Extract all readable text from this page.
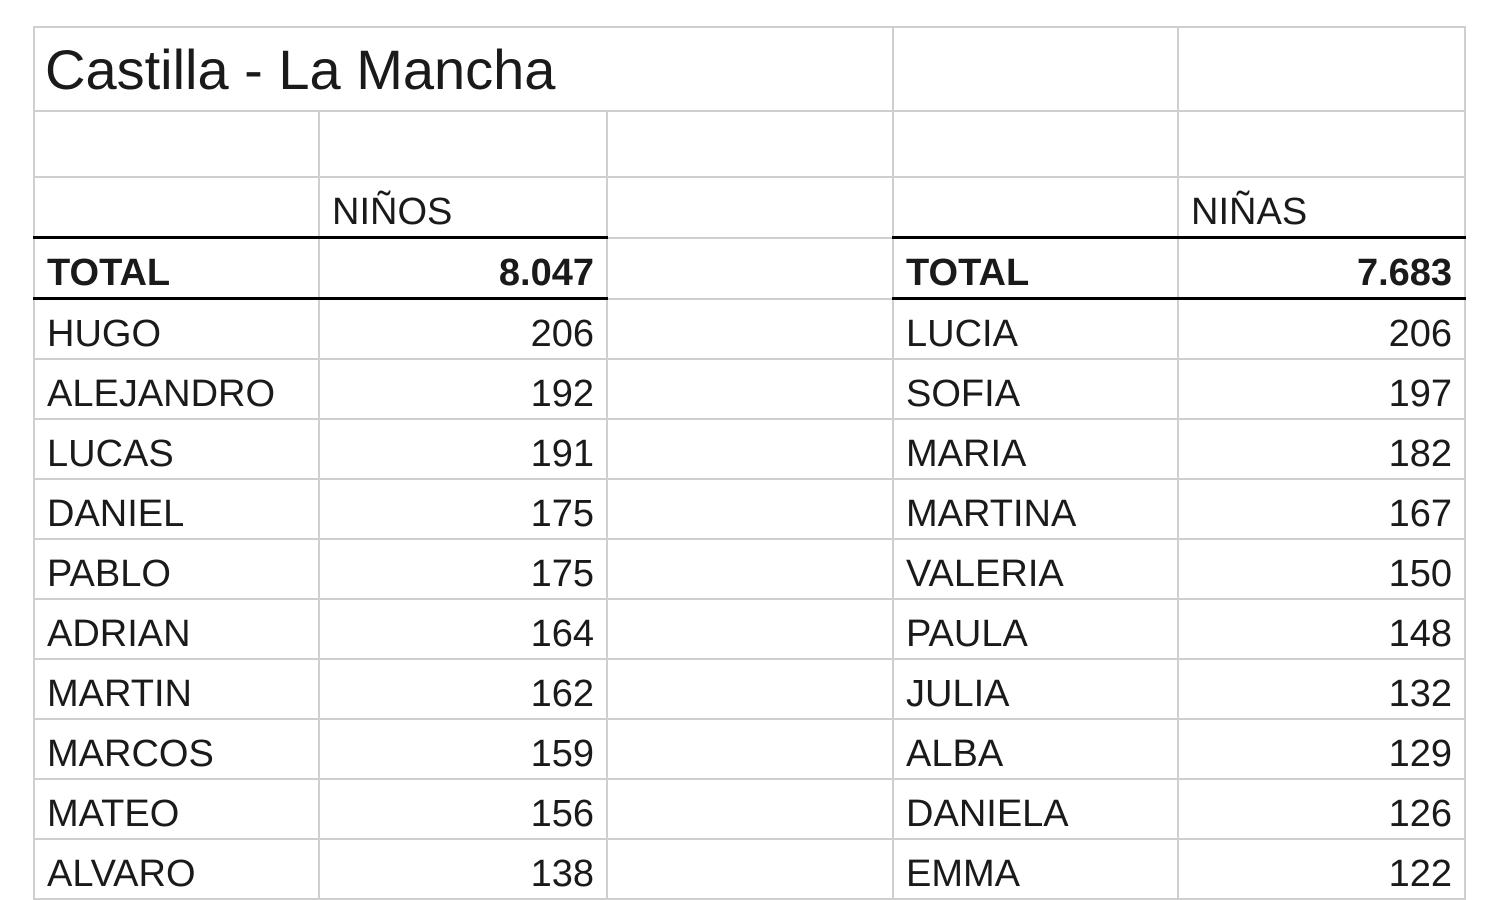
Castilla - La Mancha				

	NIÑOS			NIÑAS
TOTAL	8.047		TOTAL	7.683
HUGO	206		LUCIA	206
ALEJANDRO	192		SOFIA	197
LUCAS	191		MARIA	182
DANIEL	175		MARTINA	167
PABLO	175		VALERIA	150
ADRIAN	164		PAULA	148
MARTIN	162		JULIA	132
MARCOS	159		ALBA	129
MATEO	156		DANIELA	126
ALVARO	138		EMMA	122
